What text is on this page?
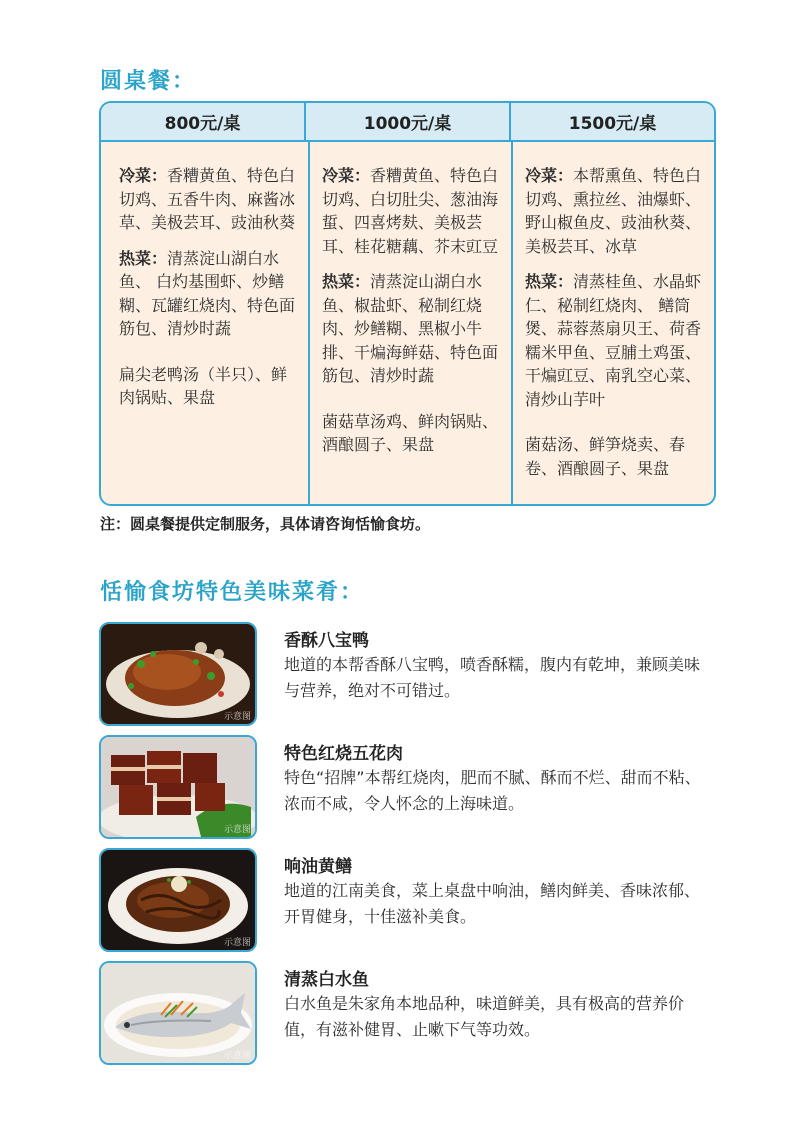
圆桌餐：
800元/桌	1000元/桌	1500元/桌

冷菜：香糟黄鱼、特色白切鸡、五香牛肉、麻酱冰草、美极芸耳、豉油秋葵

热菜：清蒸淀山湖白水鱼、 白灼基围虾、炒鳝糊、瓦罐红烧肉、特色面筋包、清炒时蔬

扁尖老鸭汤（半只）、鲜肉锅贴、果盘

冷菜：香糟黄鱼、特色白切鸡、白切肚尖、葱油海蜇、四喜烤麸、美极芸耳、桂花糖藕、芥末豇豆

热菜：清蒸淀山湖白水鱼、椒盐虾、秘制红烧肉、炒鳝糊、黑椒小牛排、干煸海鲜菇、特色面筋包、清炒时蔬

菌菇草汤鸡、鲜肉锅贴、酒酿圆子、果盘

冷菜：本帮熏鱼、特色白切鸡、熏拉丝、油爆虾、野山椒鱼皮、豉油秋葵、美极芸耳、冰草

热菜：清蒸桂鱼、水晶虾仁、秘制红烧肉、 鳝筒煲、蒜蓉蒸扇贝王、荷香糯米甲鱼、豆脯土鸡蛋、干煸豇豆、南乳空心菜、清炒山芋叶

菌菇汤、鲜笋烧卖、春卷、酒酿圆子、果盘

注：圆桌餐提供定制服务，具体请咨询恬愉食坊。
恬愉食坊特色美味菜肴：
示意图
香酥八宝鸭
地道的本帮香酥八宝鸭，喷香酥糯，腹内有乾坤，兼顾美味与营养，绝对不可错过。
示意图
特色红烧五花肉
特色“招牌”本帮红烧肉，肥而不腻、酥而不烂、甜而不粘、浓而不咸，令人怀念的上海味道。
示意图
响油黄鳝
地道的江南美食，菜上桌盘中响油，鳝肉鲜美、香味浓郁、开胃健身，十佳滋补美食。
示意图
清蒸白水鱼
白水鱼是朱家角本地品种，味道鲜美，具有极高的营养价值，有滋补健胃、止嗽下气等功效。
